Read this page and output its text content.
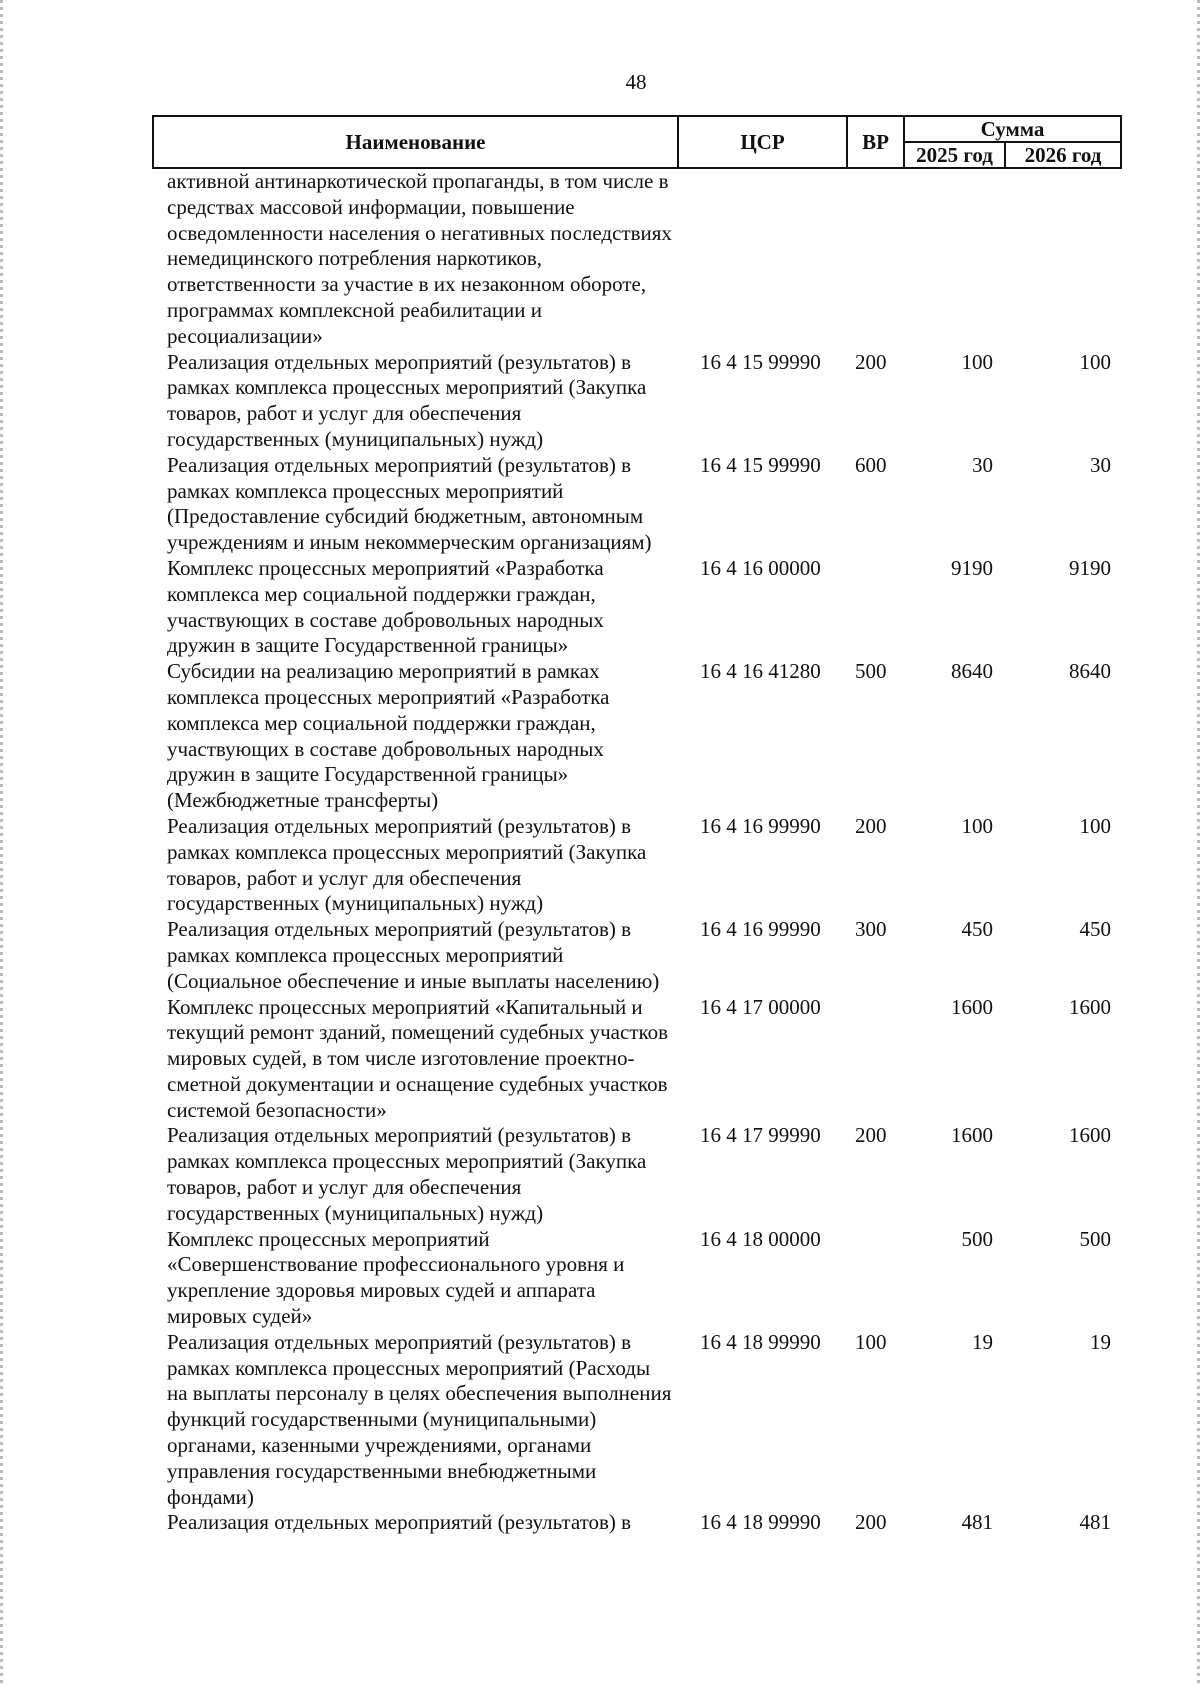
48
Наименование	ЦСР	ВР	Сумма	
			2025 год	2026 год
активной антинаркотической пропаганды, в том числе в средствах массовой информации, повышение осведомленности населения о негативных последствиях немедицинского потребления наркотиков, ответственности за участие в их незаконном обороте, программах комплексной реабилитации и ресоциализации»				
Реализация отдельных мероприятий (результатов) в рамках комплекса процессных мероприятий (Закупка товаров, работ и услуг для обеспечения государственных (муниципальных) нужд)	16 4 15 99990	200	100	100
Реализация отдельных мероприятий (результатов) в рамках комплекса процессных мероприятий (Предоставление субсидий бюджетным, автономным учреждениям и иным некоммерческим организациям)	16 4 15 99990	600	30	30
Комплекс процессных мероприятий «Разработка комплекса мер социальной поддержки граждан, участвующих в составе добровольных народных дружин в защите Государственной границы»	16 4 16 00000		9190	9190
Субсидии на реализацию мероприятий в рамках комплекса процессных мероприятий «Разработка комплекса мер социальной поддержки граждан, участвующих в составе добровольных народных дружин в защите Государственной границы» (Межбюджетные трансферты)	16 4 16 41280	500	8640	8640
Реализация отдельных мероприятий (результатов) в рамках комплекса процессных мероприятий (Закупка товаров, работ и услуг для обеспечения государственных (муниципальных) нужд)	16 4 16 99990	200	100	100
Реализация отдельных мероприятий (результатов) в рамках комплекса процессных мероприятий (Социальное обеспечение и иные выплаты населению)	16 4 16 99990	300	450	450
Комплекс процессных мероприятий «Капитальный и текущий ремонт зданий, помещений судебных участков мировых судей, в том числе изготовление проектно-сметной документации и оснащение судебных участков системой безопасности»	16 4 17 00000		1600	1600
Реализация отдельных мероприятий (результатов) в рамках комплекса процессных мероприятий (Закупка товаров, работ и услуг для обеспечения государственных (муниципальных) нужд)	16 4 17 99990	200	1600	1600
Комплекс процессных мероприятий «Совершенствование профессионального уровня и укрепление здоровья мировых судей и аппарата мировых судей»	16 4 18 00000		500	500
Реализация отдельных мероприятий (результатов) в рамках комплекса процессных мероприятий (Расходы на выплаты персоналу в целях обеспечения выполнения функций государственными (муниципальными) органами, казенными учреждениями, органами управления государственными внебюджетными фондами)	16 4 18 99990	100	19	19
Реализация отдельных мероприятий (результатов) в	16 4 18 99990	200	481	481
